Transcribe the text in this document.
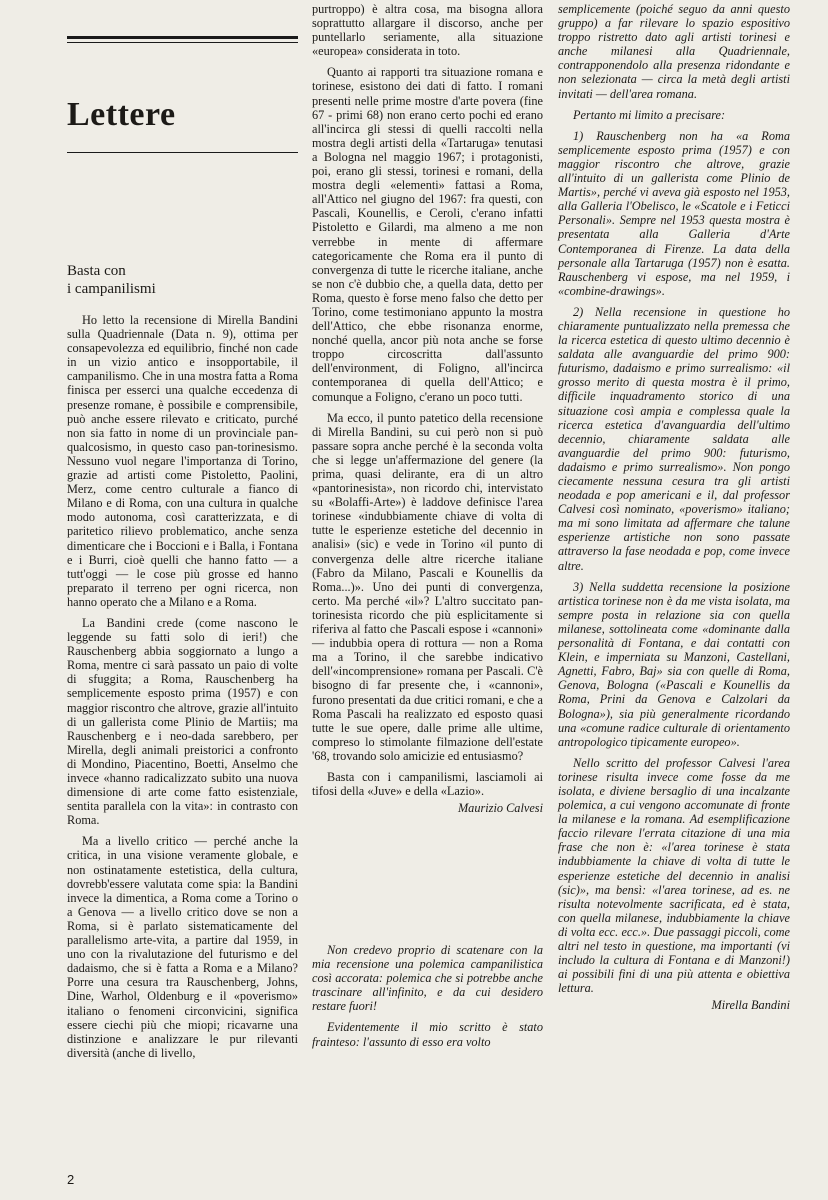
Lettere
Basta con
i campanilismi

Ho letto la recensione di Mirella Bandini sulla Quadriennale (Data n. 9), ottima per consapevolezza ed equilibrio, finché non cade in un vizio antico e insopportabile, il campanilismo. Che in una mostra fatta a Roma finisca per esserci una qualche eccedenza di presenze romane, è possibile e comprensibile, può anche essere rilevato e criticato, purché non sia fatto in nome di un provinciale pan-qualcosismo, in questo caso pan-torinesismo. Nessuno vuol negare l'importanza di Torino, grazie ad artisti come Pistoletto, Paolini, Merz, come centro culturale a fianco di Milano e di Roma, con una cultura in qualche modo autonoma, così caratterizzata, e di paritetico rilievo problematico, anche senza dimenticare che i Boccioni e i Balla, i Fontana e i Burri, cioè quelli che hanno fatto — a tutt'oggi — le cose più grosse ed hanno preparato il terreno per ogni ricerca, non hanno operato che a Milano e a Roma.

La Bandini crede (come nascono le leggende su fatti solo di ieri!) che Rauschenberg abbia soggiornato a lungo a Roma, mentre ci sarà passato un paio di volte di sfuggita; a Roma, Rauschenberg ha semplicemente esposto prima (1957) e con maggior riscontro che altrove, grazie all'intuito di un gallerista come Plinio de Martiis; ma Rauschenberg e i neo-dada sarebbero, per Mirella, degli animali preistorici a confronto di Mondino, Piacentino, Boetti, Anselmo che invece «hanno radicalizzato subito una nuova dimensione di arte come fatto esistenziale, sentita parallela con la vita»: in contrasto con Roma.

Ma a livello critico — perché anche la critica, in una visione veramente globale, e non ostinatamente estetistica, della cultura, dovrebb'essere valutata come spia: la Bandini invece la dimentica, a Roma come a Torino o a Genova — a livello critico dove se non a Roma, si è parlato sistematicamente del parallelismo arte-vita, a partire dal 1959, in uno con la rivalutazione del futurismo e del dadaismo, che si è fatta a Roma e a Milano? Porre una cesura tra Rauschenberg, Johns, Dine, Warhol, Oldenburg e il «poverismo» italiano o fenomeni circonvicini, significa essere ciechi più che miopi; ricavarne una distinzione e analizzare le pur rilevanti diversità (anche di livello,

purtroppo) è altra cosa, ma bisogna allora soprattutto allargare il discorso, anche per puntellarlo seriamente, alla situazione «europea» considerata in toto.

Quanto ai rapporti tra situazione romana e torinese, esistono dei dati di fatto. I romani presenti nelle prime mostre d'arte povera (fine 67 - primi 68) non erano certo pochi ed erano all'incirca gli stessi di quelli raccolti nella mostra degli artisti della «Tartaruga» tenutasi a Bologna nel maggio 1967; i protagonisti, poi, erano gli stessi, torinesi e romani, della mostra degli «elementi» fattasi a Roma, all'Attico nel giugno del 1967: fra questi, con Pascali, Kounellis, e Ceroli, c'erano infatti Pistoletto e Gilardi, ma almeno a me non verrebbe in mente di affermare categoricamente che Roma era il punto di convergenza di tutte le ricerche italiane, anche se non c'è dubbio che, a quella data, detto per Roma, questo è forse meno falso che detto per Torino, come testimoniano appunto la mostra dell'Attico, che ebbe risonanza enorme, nonché quella, ancor più nota anche se forse troppo circoscritta dall'assunto dell'environment, di Foligno, all'incirca contemporanea di quella dell'Attico; e comunque a Foligno, c'erano un poco tutti.

Ma ecco, il punto patetico della recensione di Mirella Bandini, su cui però non si può passare sopra anche perché è la seconda volta che si legge un'affermazione del genere (la prima, quasi delirante, era di un altro «pantorinesista», non ricordo chi, intervistato su «Bolaffi-Arte») è laddove definisce l'area torinese «indubbiamente chiave di volta di tutte le esperienze estetiche del decennio in analisi» (sic) e vede in Torino «il punto di convergenza delle altre ricerche italiane (Fabro da Milano, Pascali e Kounellis da Roma...)». Uno dei punti di convergenza, certo. Ma perché «il»? L'altro succitato pan-torinesista ricordo che più esplicitamente si riferiva al fatto che Pascali espose i «cannoni» — indubbia opera di rottura — non a Roma ma a Torino, il che sarebbe indicativo dell'«incomprensione» romana per Pascali. C'è bisogno di far presente che, i «cannoni», furono presentati da due critici romani, e che a Roma Pascali ha realizzato ed esposto quasi tutte le sue opere, dalle prime alle ultime, compreso lo stimolante filmazione dell'estate '68, trovando solo amicizie ed entusiasmo?

Basta con i campanilismi, lasciamoli ai tifosi della «Juve» e della «Lazio».

Maurizio Calvesi

Non credevo proprio di scatenare con la mia recensione una polemica campanilistica così accorata: polemica che si potrebbe anche trascinare all'infinito, e da cui desidero restare fuori!

Evidentemente il mio scritto è stato frainteso: l'assunto di esso era volto

semplicemente (poiché seguo da anni questo gruppo) a far rilevare lo spazio espositivo troppo ristretto dato agli artisti torinesi e anche milanesi alla Quadriennale, contrapponendolo alla presenza ridondante e non selezionata — circa la metà degli artisti invitati — dell'area romana.

Pertanto mi limito a precisare:

1) Rauschenberg non ha «a Roma semplicemente esposto prima (1957) e con maggior riscontro che altrove, grazie all'intuito di un gallerista come Plinio de Martis», perché vi aveva già esposto nel 1953, alla Galleria l'Obelisco, le «Scatole e i Feticci Personali». Sempre nel 1953 questa mostra è presentata alla Galleria d'Arte Contemporanea di Firenze. La data della personale alla Tartaruga (1957) non è esatta. Rauschenberg vi espose, ma nel 1959, i «combine-drawings».

2) Nella recensione in questione ho chiaramente puntualizzato nella premessa che la ricerca estetica di questo ultimo decennio è saldata alle avanguardie del primo 900: futurismo, dadaismo e primo surrealismo: «il grosso merito di questa mostra è il primo, difficile inquadramento storico di una situazione così ampia e complessa quale la ricerca estetica d'avanguardia dell'ultimo decennio, chiaramente saldata alle avanguardie del primo 900: futurismo, dadaismo e primo surrealismo». Non pongo ciecamente nessuna cesura tra gli artisti neodada e pop americani e il, dal professor Calvesi così nominato, «poverismo» italiano; ma mi sono limitata ad affermare che talune esperienze artistiche non sono passate attraverso la fase neodada e pop, come invece altre.

3) Nella suddetta recensione la posizione artistica torinese non è da me vista isolata, ma sempre posta in relazione sia con quella milanese, sottolineata come «dominante dalla personalità di Fontana, e dai contatti con Klein, e imperniata su Manzoni, Castellani, Agnetti, Fabro, Baj» sia con quelle di Roma, Genova, Bologna («Pascali e Kounellis da Roma, Prini da Genova e Calzolari da Bologna»), sia più generalmente ricordando una «comune radice culturale di orientamento antropologico tipicamente europeo».

Nello scritto del professor Calvesi l'area torinese risulta invece come fosse da me isolata, e diviene bersaglio di una incalzante polemica, a cui vengono accomunate di fronte la milanese e la romana. Ad esemplificazione faccio rilevare l'errata citazione di una mia frase che non è: «l'area torinese è stata indubbiamente la chiave di volta di tutte le esperienze estetiche del decennio in analisi (sic)», ma bensì: «l'area torinese, ad es. ne risulta notevolmente sacrificata, ed è stata, con quella milanese, indubbiamente la chiave di volta ecc. ecc.». Due passaggi piccoli, come altri nel testo in questione, ma importanti (vi includo la cultura di Fontana e di Manzoni!) ai possibili fini di una più attenta e obiettiva lettura.

Mirella Bandini
2
